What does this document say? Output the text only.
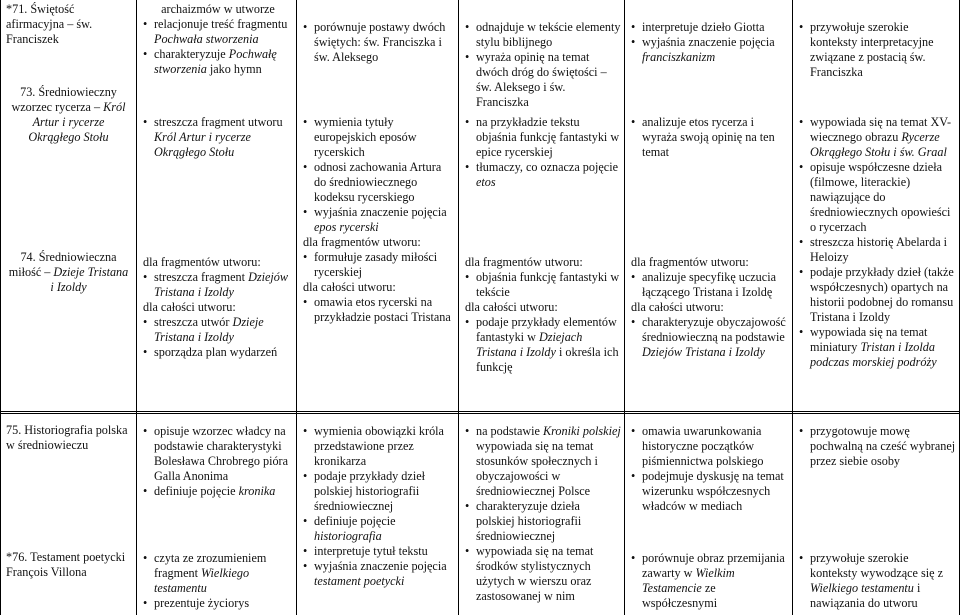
*71. Świętość afirmacyjna – św. Franciszek
73. Średniowieczny wzorzec rycerza – Król Artur i rycerze Okrągłego Stołu
74. Średniowieczna miłość – Dzieje Tristana i Izoldy
75. Historiografia polska w średniowieczu
*76. Testament poetycki François Villona

archaizmów w utworze

• relacjonuje treść fragmentu Pochwała stworzenia
• charakteryzuje Pochwałę stworzenia jako hymn
• streszcza fragment utworu Król Artur i rycerze Okrągłego Stołu

dla fragmentów utworu:

• streszcza fragment Dziejów Tristana i Izoldy

dla całości utworu:

• streszcza utwór Dzieje Tristana i Izoldy
• sporządza plan wydarzeń
• opisuje wzorzec władcy na podstawie charakterystyki Bolesława Chrobrego pióra Galla Anonima
• definiuje pojęcie kronika
• czyta ze zrozumieniem fragment Wielkiego testamentu
• prezentuje życiorys
• porównuje postawy dwóch świętych: św. Franciszka i św. Aleksego
• wymienia tytuły europejskich eposów rycerskich
• odnosi zachowania Artura do średniowiecznego kodeksu rycerskiego
• wyjaśnia znaczenie pojęcia epos rycerski

dla fragmentów utworu:

• formułuje zasady miłości rycerskiej

dla całości utworu:

• omawia etos rycerski na przykładzie postaci Tristana
• wymienia obowiązki króla przedstawione przez kronikarza
• podaje przykłady dzieł polskiej historiografii średniowiecznej
• definiuje pojęcie historiografia
• interpretuje tytuł tekstu
• wyjaśnia znaczenie pojęcia testament poetycki
• odnajduje w tekście elementy stylu biblijnego
• wyraża opinię na temat dwóch dróg do świętości – św. Aleksego i św. Franciszka
• na przykładzie tekstu objaśnia funkcję fantastyki w epice rycerskiej
• tłumaczy, co oznacza pojęcie etos

dla fragmentów utworu:

• objaśnia funkcję fantastyki w tekście

dla całości utworu:

• podaje przykłady elementów fantastyki w Dziejach Tristana i Izoldy i określa ich funkcję
• na podstawie Kroniki polskiej wypowiada się na temat stosunków społecznych i obyczajowości w średniowiecznej Polsce
• charakteryzuje dzieła polskiej historiografii średniowiecznej
• wypowiada się na temat środków stylistycznych użytych w wierszu oraz zastosowanej w nim
• interpretuje dzieło Giotta
• wyjaśnia znaczenie pojęcia franciszkanizm
• analizuje etos rycerza i wyraża swoją opinię na ten temat

dla fragmentów utworu:

• analizuje specyfikę uczucia łączącego Tristana i Izoldę

dla całości utworu:

• charakteryzuje obyczajowość średniowieczną na podstawie Dziejów Tristana i Izoldy
• omawia uwarunkowania historyczne początków piśmiennictwa polskiego
• podejmuje dyskusję na temat wizerunku współczesnych władców w mediach
• porównuje obraz przemijania zawarty w Wielkim Testamencie ze współczesnymi
• przywołuje szerokie konteksty interpretacyjne związane z postacią św. Franciszka
• wypowiada się na temat XV-wiecznego obrazu Rycerze Okrągłego Stołu i św. Graal
• opisuje współczesne dzieła (filmowe, literackie) nawiązujące do średniowiecznych opowieści o rycerzach
• streszcza historię Abelarda i Heloizy
• podaje przykłady dzieł (także współczesnych) opartych na historii podobnej do romansu Tristana i Izoldy
• wypowiada się na temat miniatury Tristan i Izolda podczas morskiej podróży
• przygotowuje mowę pochwalną na cześć wybranej przez siebie osoby
• przywołuje szerokie konteksty wywodzące się z Wielkiego testamentu i nawiązania do utworu
